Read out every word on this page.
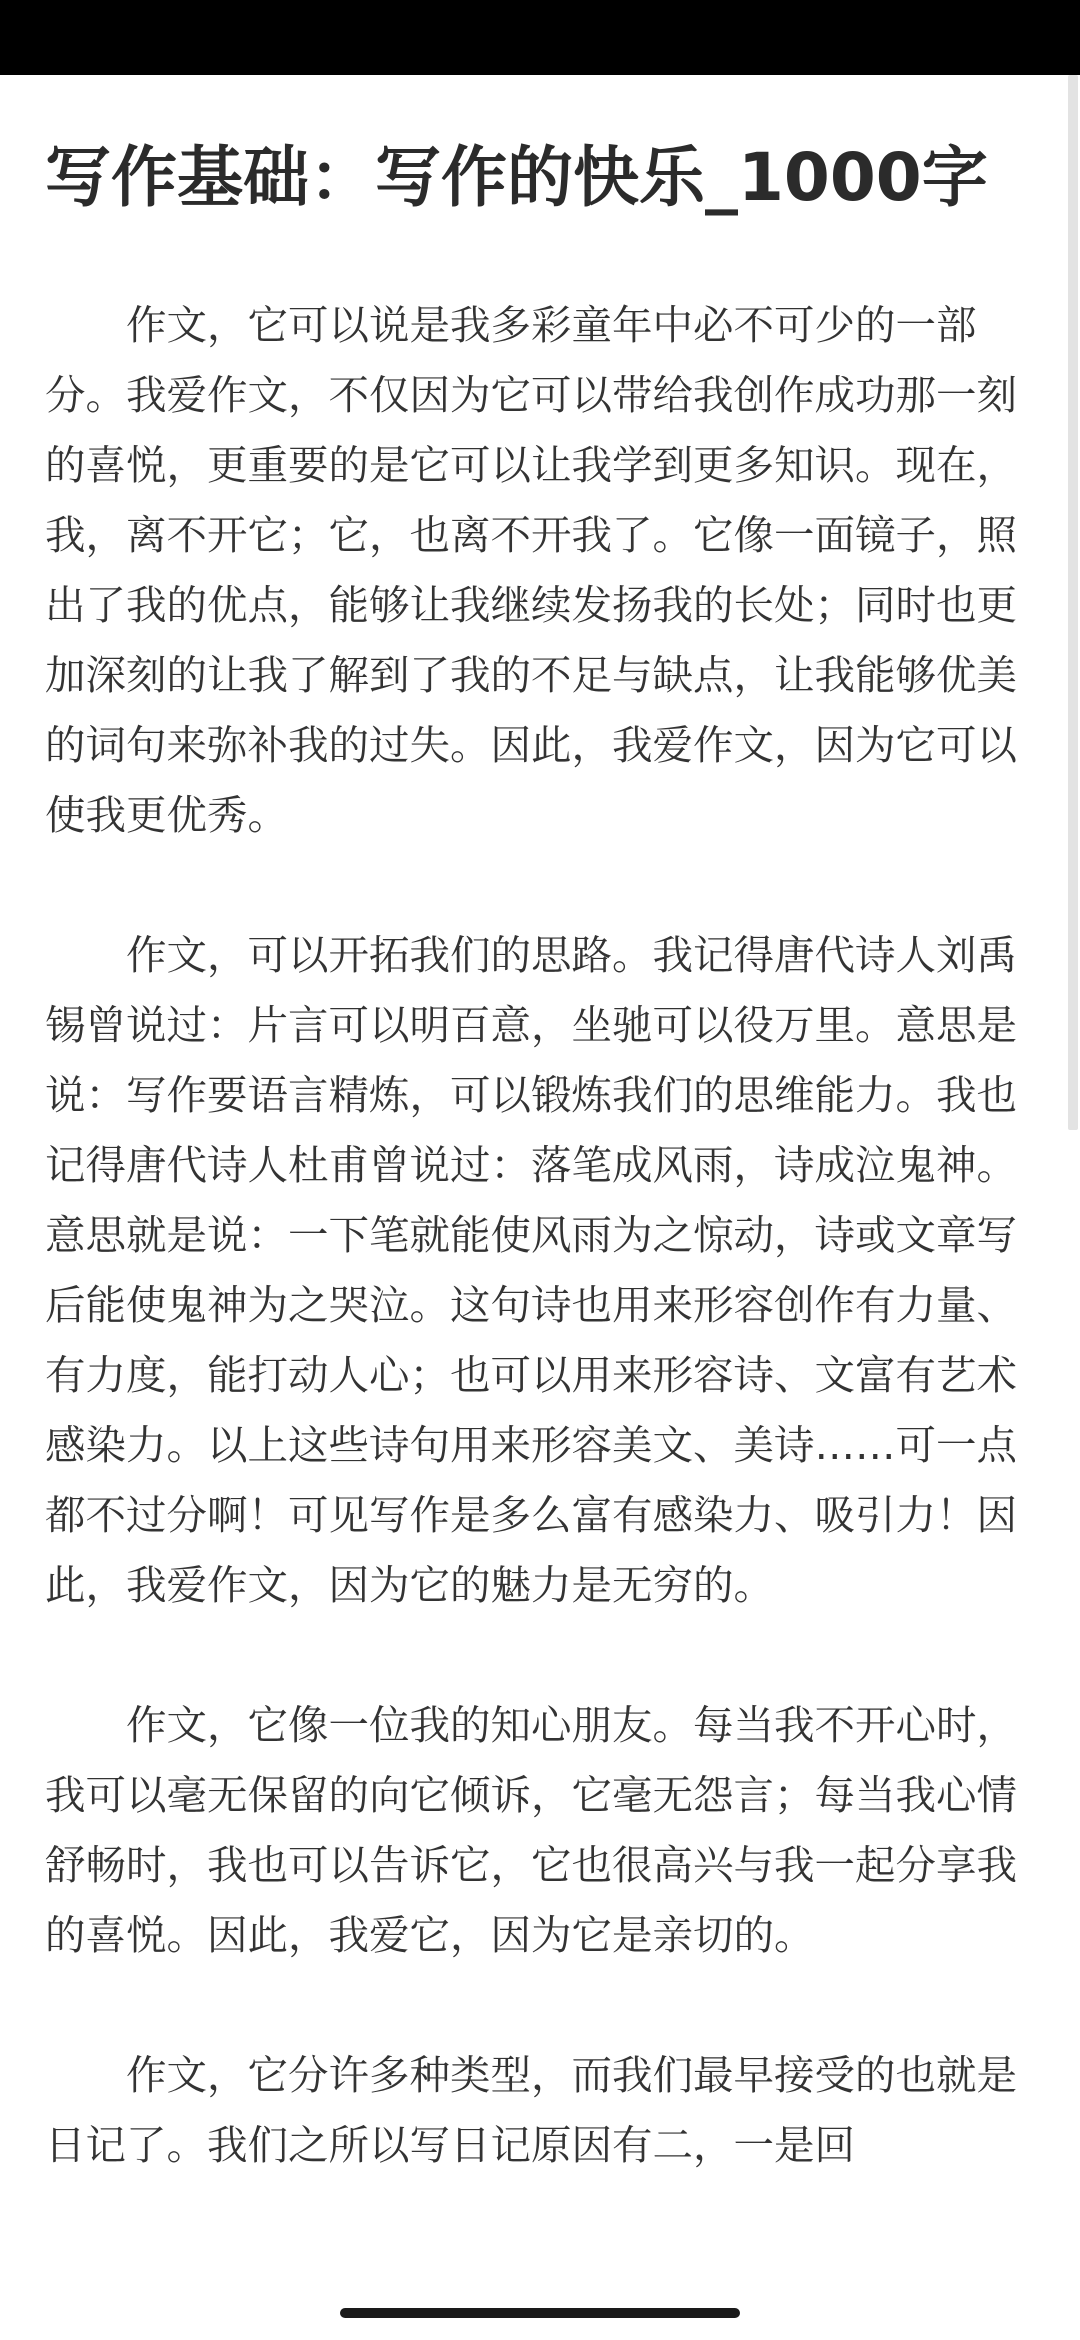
写作基础：写作的快乐_1000字

作文，它可以说是我多彩童年中必不可少的一部分。我爱作文，不仅因为它可以带给我创作成功那一刻的喜悦，更重要的是它可以让我学到更多知识。现在，我，离不开它；它，也离不开我了。它像一面镜子，照出了我的优点，能够让我继续发扬我的长处；同时也更加深刻的让我了解到了我的不足与缺点，让我能够优美的词句来弥补我的过失。因此，我爱作文，因为它可以使我更优秀。

作文，可以开拓我们的思路。我记得唐代诗人刘禹锡曾说过：片言可以明百意，坐驰可以役万里。意思是说：写作要语言精炼，可以锻炼我们的思维能力。我也记得唐代诗人杜甫曾说过：落笔成风雨，诗成泣鬼神。意思就是说：一下笔就能使风雨为之惊动，诗或文章写后能使鬼神为之哭泣。这句诗也用来形容创作有力量、有力度，能打动人心；也可以用来形容诗、文富有艺术感染力。以上这些诗句用来形容美文、美诗……可一点都不过分啊！可见写作是多么富有感染力、吸引力！因此，我爱作文，因为它的魅力是无穷的。

作文，它像一位我的知心朋友。每当我不开心时，我可以毫无保留的向它倾诉，它毫无怨言；每当我心情舒畅时，我也可以告诉它，它也很高兴与我一起分享我的喜悦。因此，我爱它，因为它是亲切的。

作文，它分许多种类型，而我们最早接受的也就是日记了。我们之所以写日记原因有二，一是回
